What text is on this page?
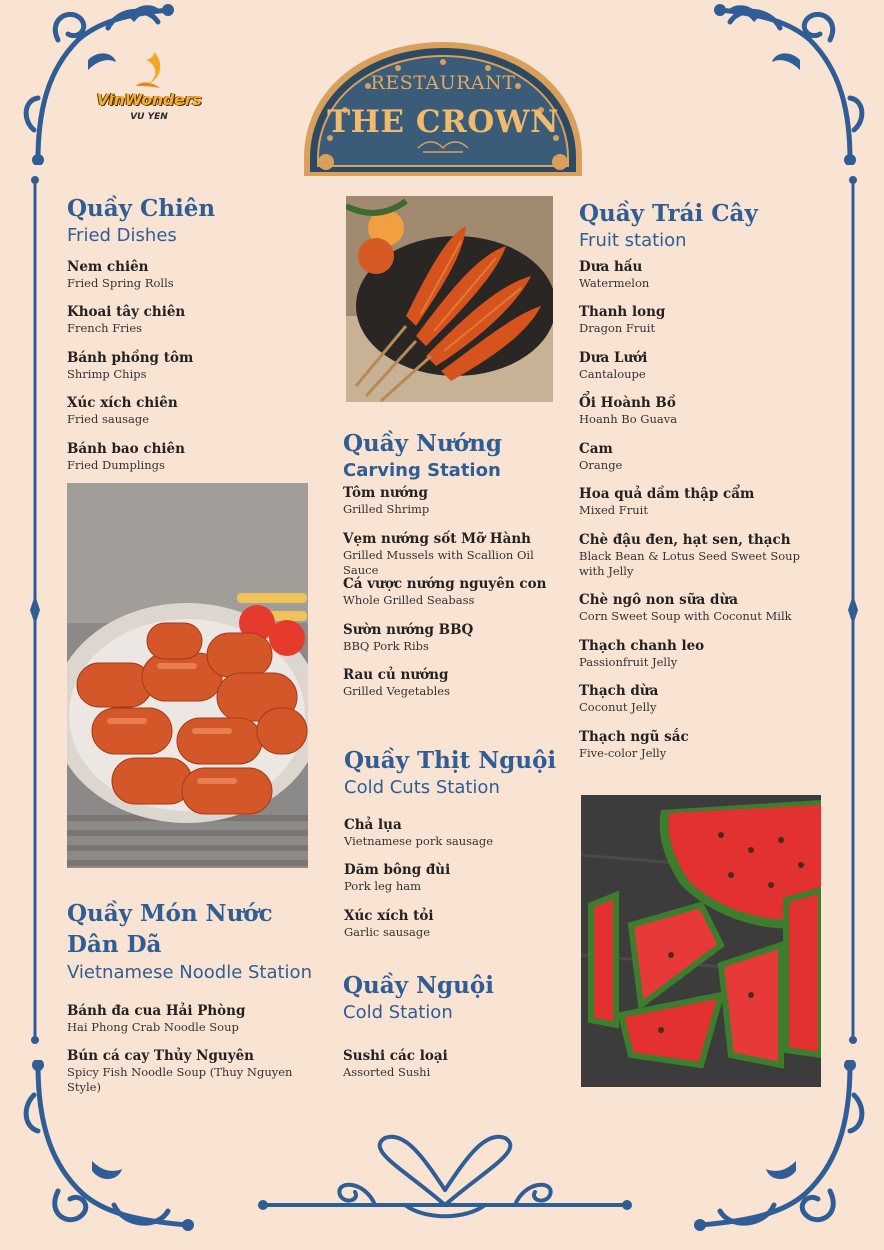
VinWonders
VU YEN
RESTAURANT
THE CROWN
Quầy Chiên
Fried Dishes
Nem chiên
Fried Spring Rolls
Khoai tây chiên
French Fries
Bánh phồng tôm
Shrimp Chips
Xúc xích chiên
Fried sausage
Bánh bao chiên
Fried Dumplings
Quầy Món Nước
Dân Dã
Vietnamese Noodle Station
Bánh đa cua Hải Phòng
Hai Phong Crab Noodle Soup
Bún cá cay Thủy Nguyên
Spicy Fish Noodle Soup (Thuy Nguyen Style)
Quầy Nướng
Carving Station
Tôm nướng
Grilled Shrimp
Vẹm nướng sốt Mỡ Hành
Grilled Mussels with Scallion Oil Sauce
Cá vược nướng nguyên con
Whole Grilled Seabass
Sườn nướng BBQ
BBQ Pork Ribs
Rau củ nướng
Grilled Vegetables
Quầy Thịt Nguội
Cold Cuts Station
Chả lụa
Vietnamese pork sausage
Dăm bông đùi
Pork leg ham
Xúc xích tỏi
Garlic sausage
Quầy Nguội
Cold Station
Sushi các loại
Assorted Sushi
Quầy Trái Cây
Fruit station
Dưa hấu
Watermelon
Thanh long
Dragon Fruit
Dưa Lưới
Cantaloupe
Ổi Hoành Bồ
Hoanh Bo Guava
Cam
Orange
Hoa quả dầm thập cẩm
Mixed Fruit
Chè đậu đen, hạt sen, thạch
Black Bean & Lotus Seed Sweet Soup with Jelly
Chè ngô non sữa dừa
Corn Sweet Soup with Coconut Milk
Thạch chanh leo
Passionfruit Jelly
Thạch dừa
Coconut Jelly
Thạch ngũ sắc
Five-color Jelly
